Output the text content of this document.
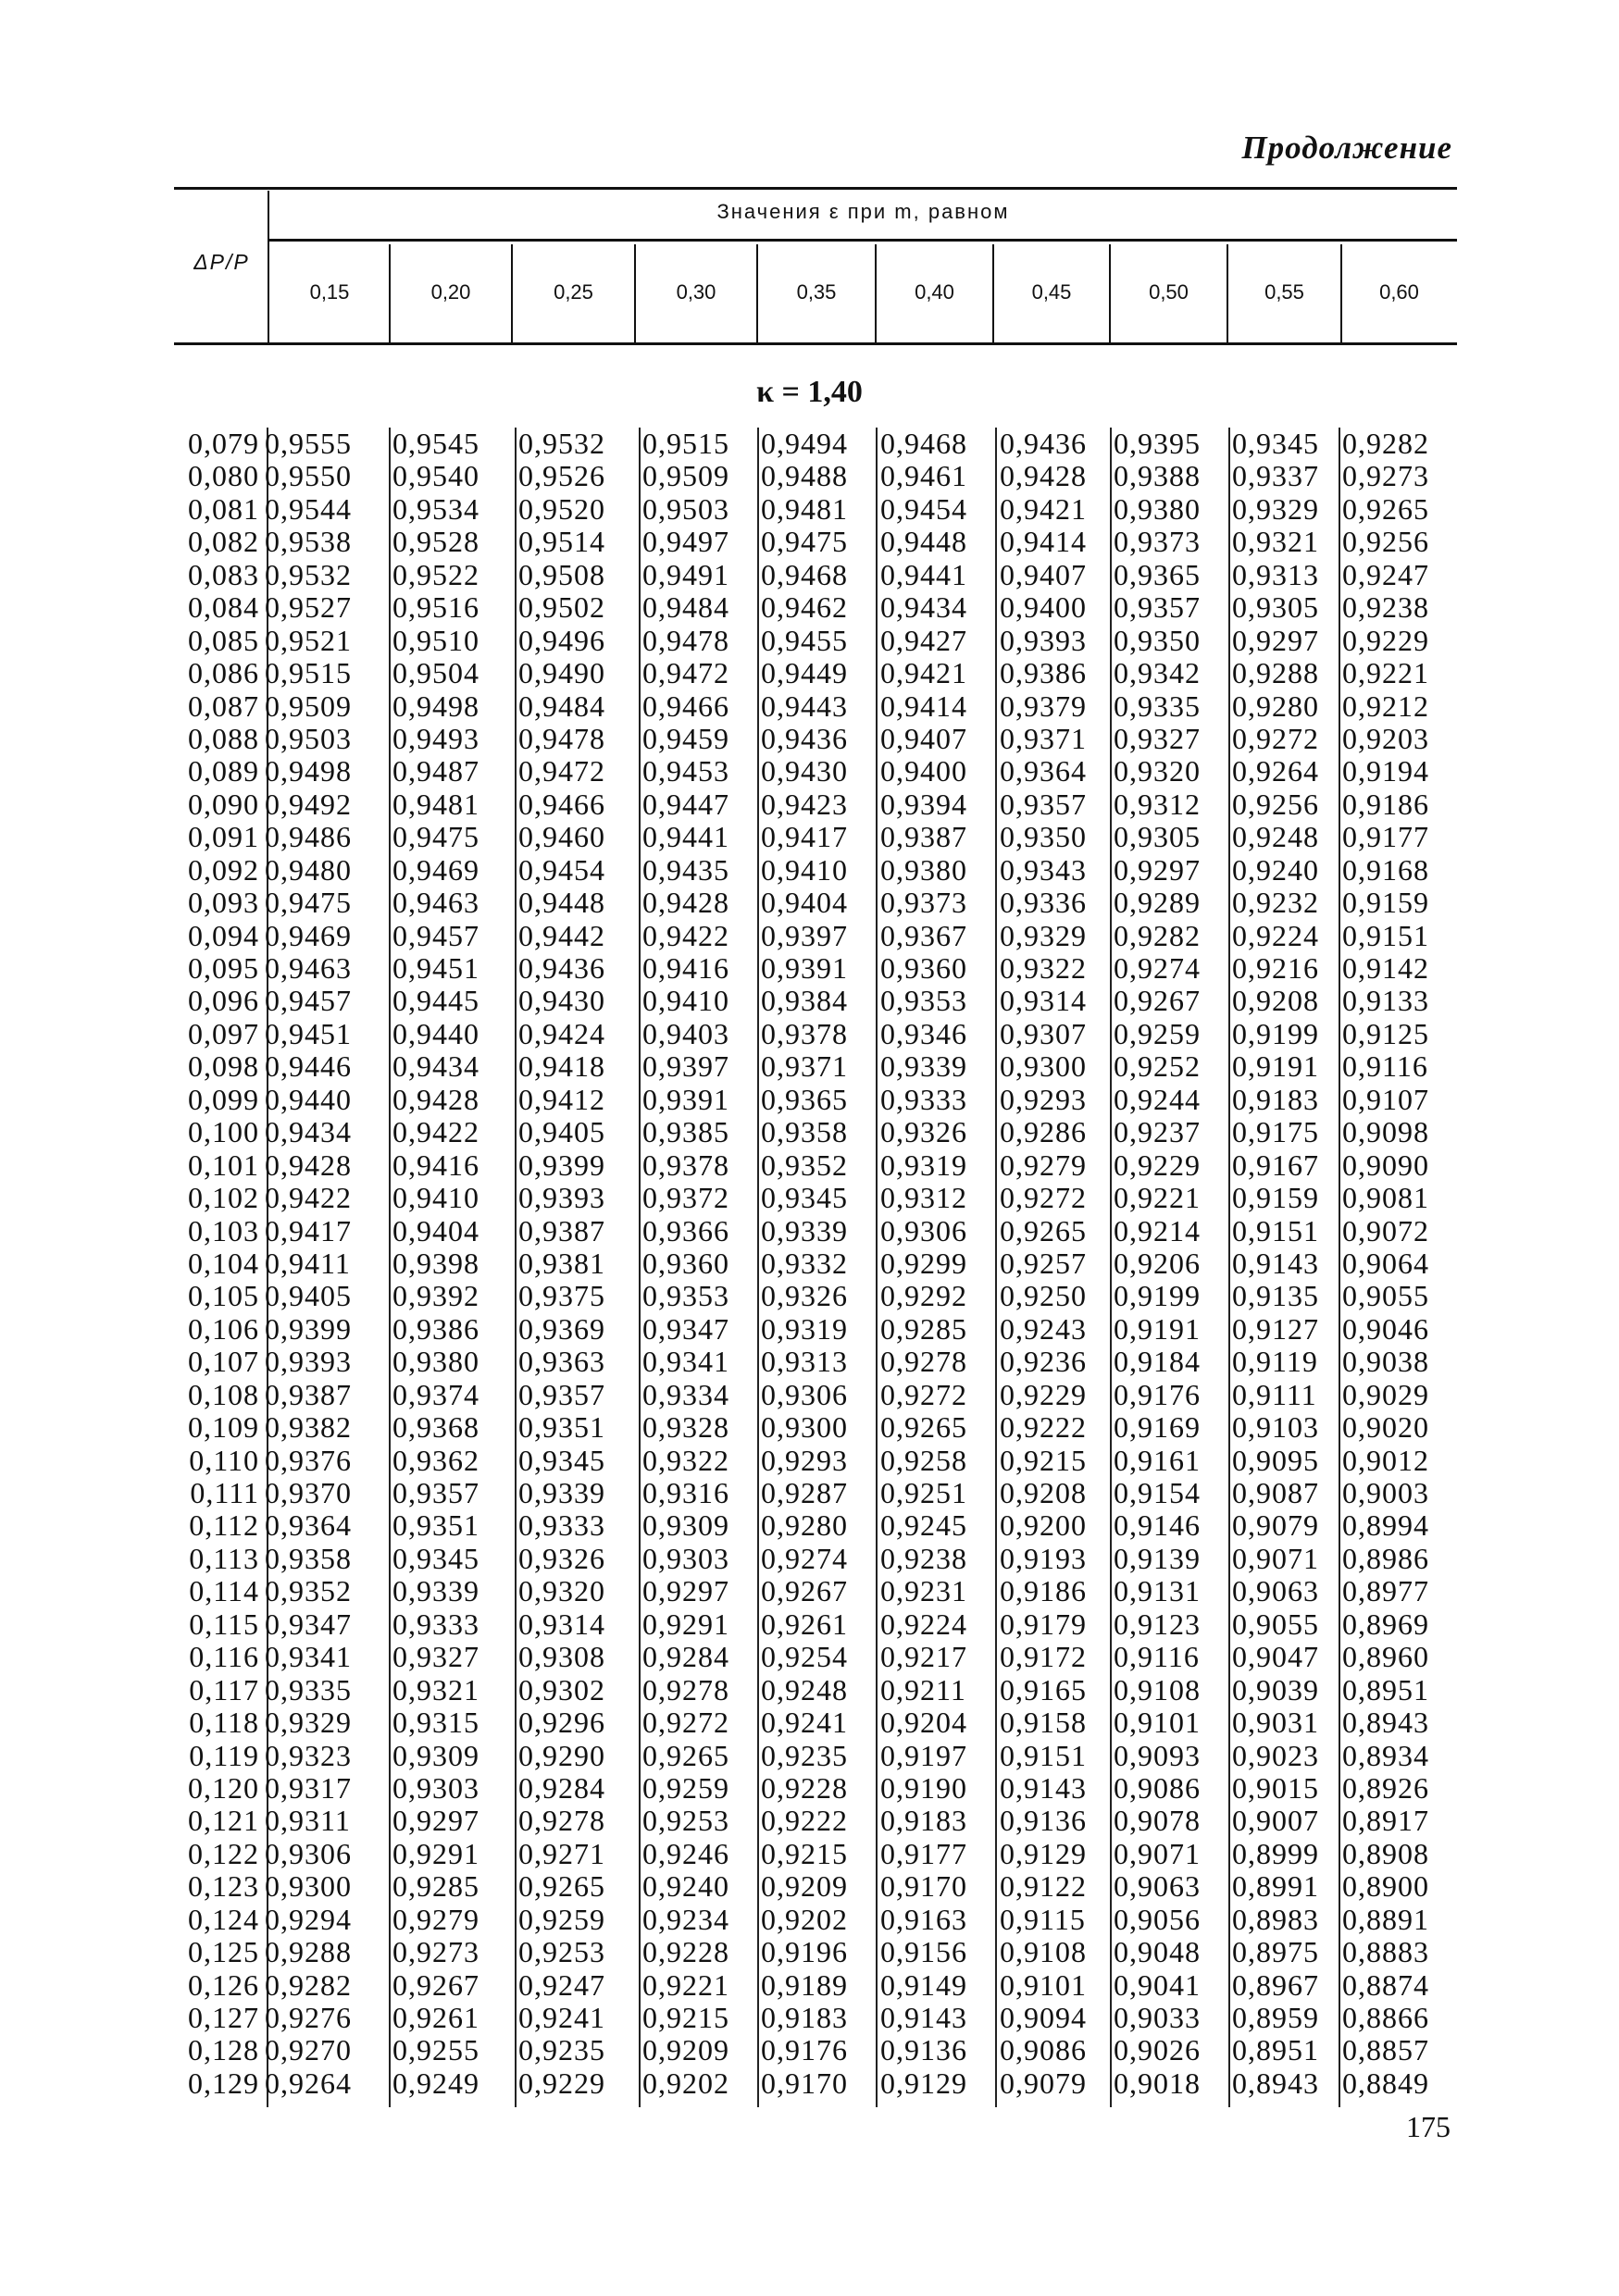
Продолжение
ΔP/P
Значения ε при m, равном
0,15	0,20	0,25	0,30	0,35	0,40	0,45	0,50	0,55	0,60
κ = 1,40
0,079 0,9555	0,9545	0,9532	0,9515	0,9494	0,9468	0,9436 0,9395	0,9345 0,9282
0,080 0,9550	0,9540	0,9526	0,9509	0,9488	0,9461	0,9428 0,9388	0,9337 0,9273
0,081 0,9544	0,9534	0,9520	0,9503	0,9481	0,9454	0,9421 0,9380	0,9329 0,9265
0,082 0,9538	0,9528	0,9514	0,9497	0,9475	0,9448	0,9414 0,9373	0,9321 0,9256
0,083 0,9532	0,9522	0,9508	0,9491	0,9468	0,9441	0,9407 0,9365	0,9313 0,9247
0,084 0,9527	0,9516	0,9502	0,9484	0,9462	0,9434	0,9400 0,9357	0,9305 0,9238
0,085 0,9521	0,9510	0,9496	0,9478	0,9455	0,9427	0,9393 0,9350	0,9297 0,9229
0,086 0,9515	0,9504	0,9490	0,9472	0,9449	0,9421	0,9386 0,9342	0,9288 0,9221
0,087 0,9509	0,9498	0,9484	0,9466	0,9443	0,9414	0,9379 0,9335	0,9280 0,9212
0,088 0,9503	0,9493	0,9478	0,9459	0,9436	0,9407	0,9371 0,9327	0,9272 0,9203
0,089 0,9498	0,9487	0,9472	0,9453	0,9430	0,9400	0,9364 0,9320	0,9264 0,9194
0,090 0,9492	0,9481	0,9466	0,9447	0,9423	0,9394	0,9357 0,9312	0,9256 0,9186
0,091 0,9486	0,9475	0,9460	0,9441	0,9417	0,9387	0,9350 0,9305	0,9248 0,9177
0,092 0,9480	0,9469	0,9454	0,9435	0,9410	0,9380	0,9343 0,9297	0,9240 0,9168
0,093 0,9475	0,9463	0,9448	0,9428	0,9404	0,9373	0,9336 0,9289	0,9232 0,9159
0,094 0,9469	0,9457	0,9442	0,9422	0,9397	0,9367	0,9329 0,9282	0,9224 0,9151
0,095 0,9463	0,9451	0,9436	0,9416	0,9391	0,9360	0,9322 0,9274	0,9216 0,9142
0,096 0,9457	0,9445	0,9430	0,9410	0,9384	0,9353	0,9314 0,9267	0,9208 0,9133
0,097 0,9451	0,9440	0,9424	0,9403	0,9378	0,9346	0,9307 0,9259	0,9199 0,9125
0,098 0,9446	0,9434	0,9418	0,9397	0,9371	0,9339	0,9300 0,9252	0,9191 0,9116
0,099 0,9440	0,9428	0,9412	0,9391	0,9365	0,9333	0,9293 0,9244	0,9183 0,9107
0,100 0,9434	0,9422	0,9405	0,9385	0,9358	0,9326	0,9286 0,9237	0,9175 0,9098
0,101 0,9428	0,9416	0,9399	0,9378	0,9352	0,9319	0,9279 0,9229	0,9167 0,9090
0,102 0,9422	0,9410	0,9393	0,9372	0,9345	0,9312	0,9272 0,9221	0,9159 0,9081
0,103 0,9417	0,9404	0,9387	0,9366	0,9339	0,9306	0,9265 0,9214	0,9151 0,9072
0,104 0,9411	0,9398	0,9381	0,9360	0,9332	0,9299	0,9257 0,9206	0,9143 0,9064
0,105 0,9405	0,9392	0,9375	0,9353	0,9326	0,9292	0,9250 0,9199	0,9135 0,9055
0,106 0,9399	0,9386	0,9369	0,9347	0,9319	0,9285	0,9243 0,9191	0,9127 0,9046
0,107 0,9393	0,9380	0,9363	0,9341	0,9313	0,9278	0,9236 0,9184	0,9119 0,9038
0,108 0,9387	0,9374	0,9357	0,9334	0,9306	0,9272	0,9229 0,9176	0,9111 0,9029
0,109 0,9382	0,9368	0,9351	0,9328	0,9300	0,9265	0,9222 0,9169	0,9103 0,9020
0,110 0,9376	0,9362	0,9345	0,9322	0,9293	0,9258	0,9215 0,9161	0,9095 0,9012
0,111 0,9370	0,9357	0,9339	0,9316	0,9287	0,9251	0,9208 0,9154	0,9087 0,9003
0,112 0,9364	0,9351	0,9333	0,9309	0,9280	0,9245	0,9200 0,9146	0,9079 0,8994
0,113 0,9358	0,9345	0,9326	0,9303	0,9274	0,9238	0,9193 0,9139	0,9071 0,8986
0,114 0,9352	0,9339	0,9320	0,9297	0,9267	0,9231	0,9186 0,9131	0,9063 0,8977
0,115 0,9347	0,9333	0,9314	0,9291	0,9261	0,9224	0,9179 0,9123	0,9055 0,8969
0,116 0,9341	0,9327	0,9308	0,9284	0,9254	0,9217	0,9172 0,9116	0,9047 0,8960
0,117 0,9335	0,9321	0,9302	0,9278	0,9248	0,9211	0,9165 0,9108	0,9039 0,8951
0,118 0,9329	0,9315	0,9296	0,9272	0,9241	0,9204	0,9158 0,9101	0,9031 0,8943
0,119 0,9323	0,9309	0,9290	0,9265	0,9235	0,9197	0,9151 0,9093	0,9023 0,8934
0,120 0,9317	0,9303	0,9284	0,9259	0,9228	0,9190	0,9143 0,9086	0,9015 0,8926
0,121 0,9311	0,9297	0,9278	0,9253	0,9222	0,9183	0,9136 0,9078	0,9007 0,8917
0,122 0,9306	0,9291	0,9271	0,9246	0,9215	0,9177	0,9129 0,9071	0,8999 0,8908
0,123 0,9300	0,9285	0,9265	0,9240	0,9209	0,9170	0,9122 0,9063	0,8991 0,8900
0,124 0,9294	0,9279	0,9259	0,9234	0,9202	0,9163	0,9115 0,9056	0,8983 0,8891
0,125 0,9288	0,9273	0,9253	0,9228	0,9196	0,9156	0,9108 0,9048	0,8975 0,8883
0,126 0,9282	0,9267	0,9247	0,9221	0,9189	0,9149	0,9101 0,9041	0,8967 0,8874
0,127 0,9276	0,9261	0,9241	0,9215	0,9183	0,9143	0,9094 0,9033	0,8959 0,8866
0,128 0,9270	0,9255	0,9235	0,9209	0,9176	0,9136	0,9086 0,9026	0,8951 0,8857
0,129 0,9264	0,9249	0,9229	0,9202	0,9170	0,9129	0,9079 0,9018	0,8943 0,8849
175
